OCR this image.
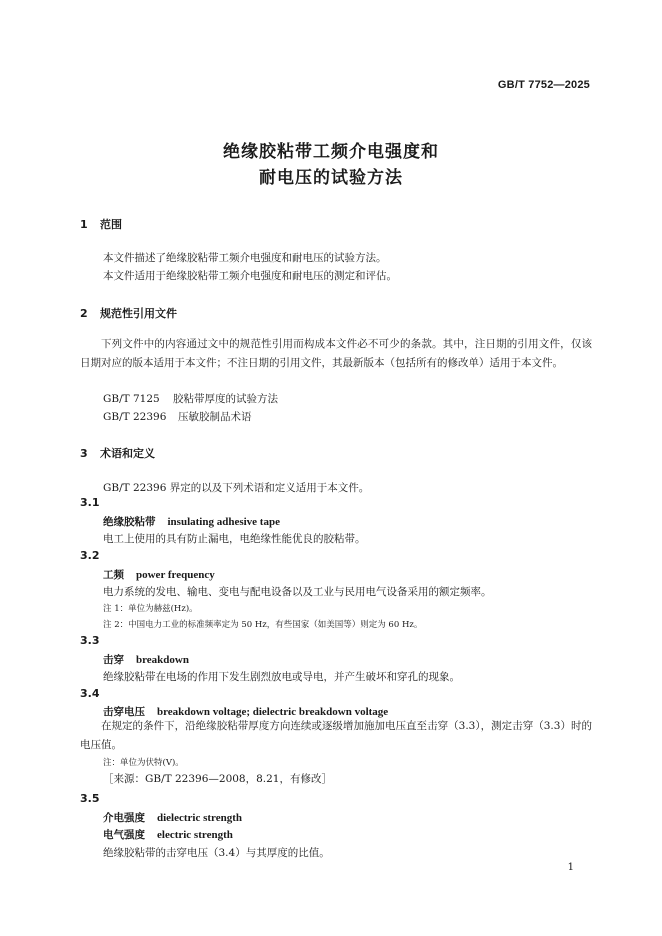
GB/T 7752—2025
绝缘胶粘带工频介电强度和
耐电压的试验方法
1 范围
本文件描述了绝缘胶粘带工频介电强度和耐电压的试验方法。
本文件适用于绝缘胶粘带工频介电强度和耐电压的测定和评估。
2 规范性引用文件
下列文件中的内容通过文中的规范性引用而构成本文件必不可少的条款。其中，注日期的引用文件，仅该日期对应的版本适用于本文件；不注日期的引用文件，其最新版本（包括所有的修改单）适用于本文件。
GB/T 7125 胶粘带厚度的试验方法
GB/T 22396 压敏胶制品术语
3 术语和定义
GB/T 22396 界定的以及下列术语和定义适用于本文件。
3.1
绝缘胶粘带 insulating adhesive tape
电工上使用的具有防止漏电，电绝缘性能优良的胶粘带。
3.2
工频 power frequency
电力系统的发电、输电、变电与配电设备以及工业与民用电气设备采用的额定频率。
注 1：单位为赫兹(Hz)。
注 2：中国电力工业的标准频率定为 50 Hz，有些国家（如美国等）则定为 60 Hz。
3.3
击穿 breakdown
绝缘胶粘带在电场的作用下发生剧烈放电或导电，并产生破坏和穿孔的现象。
3.4
击穿电压 breakdown voltage; dielectric breakdown voltage
在规定的条件下，沿绝缘胶粘带厚度方向连续或逐级增加施加电压直至击穿（3.3），测定击穿（3.3）时的电压值。
注：单位为伏特(V)。
［来源：GB/T 22396—2008，8.21，有修改］
3.5
介电强度 dielectric strength
电气强度 electric strength
绝缘胶粘带的击穿电压（3.4）与其厚度的比值。
1
